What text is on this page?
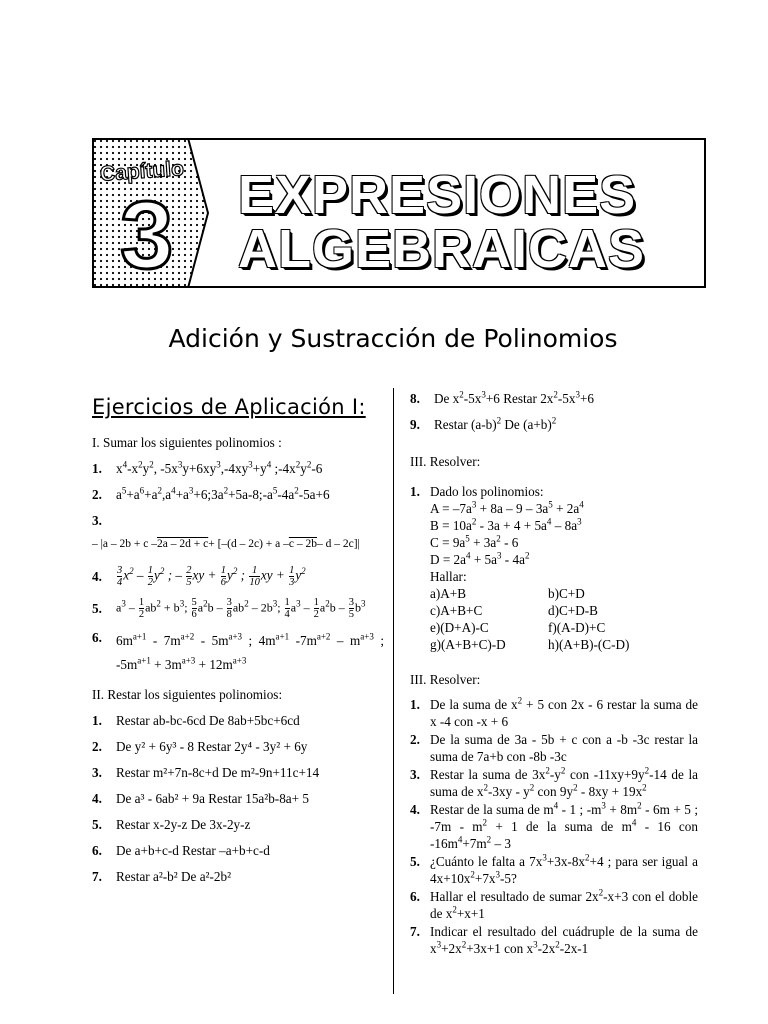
Capítulo
3 EXPRESIONES
ALGEBRAICAS
Adición y Sustracción de Polinomios
Ejercicios de Aplicación I:
I. Sumar los siguientes polinomios :
1.	$x^4-x^2y^2$, $-5x^3y+6xy^3,-4xy^3+y^4$ $;-4x^2y^2-6$
2.	$a^5+a^6+a^2,a^4+a^3+6;3a^2+5a-8;-a^5-4a^2-5a+6$
3.
– |a – 2b + c – 2a – 2d + c + [–(d – 2c) + a – c – 2b – d – 2c]|
4.	$\frac{3}{4} x^2 - \frac{1}{2} y^2$ ; – $\frac{2}{5}$ xy + $\frac{1}{6} y^2$ ; $\frac{1}{10}$ xy + $\frac{1}{3} y^2$
5.	$a^3 - \frac{1}{2} ab^2 + b^3$; $\frac{5}{6} a^2b - \frac{3}{8} ab^2 - 2b^3$; $\frac{1}{4} a^3 - \frac{1}{2} a^2b - \frac{3}{5} b^3$
6.	$6m^{a+1} - 7m^{a+2} - 5m^{a+3}$ ; $4m^{a+1}$ $-7m^{a+2} - m^{a+3}$ ; $-5m^{a+1} + 3m^{a+3} + 12m^{a+3}$
II. Restar los siguientes polinomios:
1.	Restar ab-bc-6cd De 8ab+5bc+6cd
2.	De y² + 6y³ - 8 Restar 2y⁴ - 3y² + 6y
3.	Restar m²+7n-8c+d De m²-9n+11c+14
4.	De a³ - 6ab² + 9a Restar 15a²b-8a+ 5
5.	Restar x-2y-z De 3x-2y-z
6.	De a+b+c-d Restar –a+b+c-d
7.	Restar a²-b² De a²-2b²
8.	De $x^2-5x^3+6$ Restar $2x^2-5x^3+6$
9.	Restar $(a-b)^2$ De $(a+b)^2$
III. Resolver:
1. Dado los polinomios:
$A = -7a^3 + 8a - 9 - 3a^5 + 2a^4$
$B = 10a^2 - 3a + 4 + 5a^4 - 8a^3$
$C = 9a^5 + 3a^2 - 6$
$D = 2a^4 + 5a^3 - 4a^2$
Hallar:
a)A+B	b)C+D
c)A+B+C	d)C+D-B
e)(D+A)-C	f)(A-D)+C
g)(A+B+C)-D	h)(A+B)-(C-D)
III. Resolver:
1. De la suma de $x^2 + 5$ con 2x - 6 restar la suma de x -4 con -x + 6
2. De la suma de 3a - 5b + c con a -b -3c restar la suma de 7a+b con -8b -3c
3. Restar la suma de $3x^2-y^2$ con $-11xy+9y^2-14$ de la suma de $x^2-3xy - y^2$ con $9y^2 - 8xy + 19x^2$
4. Restar de la suma de $m^4 - 1$ ; $-m^3 + 8m^2 - 6m + 5$ ; $-7m - m^2 + 1$ de la suma de $m^4 - 16$ con $-16m^4+7m^2 - 3$
5. ¿Cuánto le falta a $7x^3+3x-8x^2+4$ ; para ser igual a $4x+10x^2+7x^3-5$?
6. Hallar el resultado de sumar $2x^2-x+3$ con el doble de $x^2+x+1$
7. Indicar el resultado del cuádruple de la suma de $x^3+2x^2+3x+1$ con $x^3-2x^2-2x-1$
